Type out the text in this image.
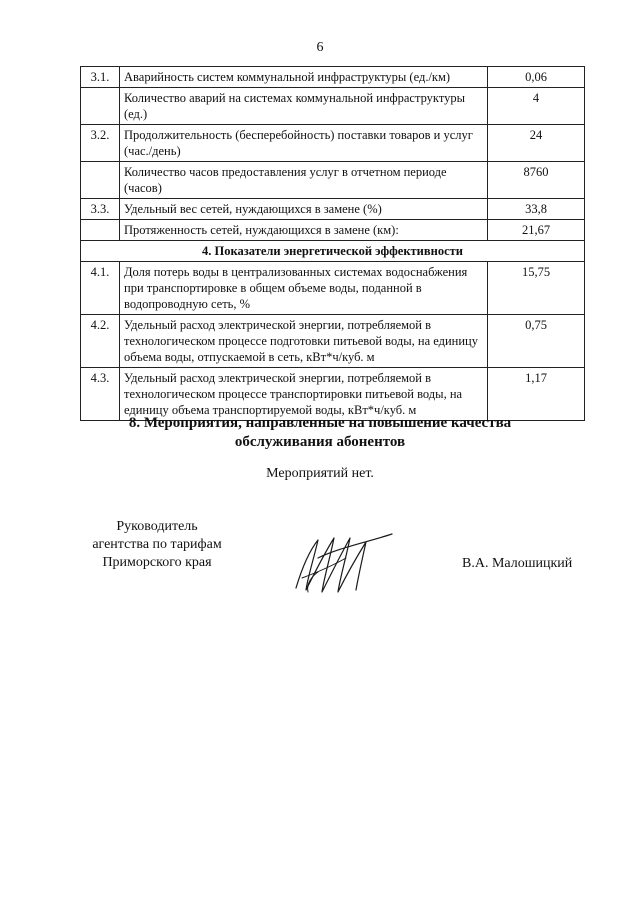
6
3.1.	Аварийность систем коммунальной инфраструктуры (ед./км)	0,06
	Количество аварий на системах коммунальной инфраструктуры (ед.)	4
3.2.	Продолжительность (бесперебойность) поставки товаров и услуг (час./день)	24
	Количество часов предоставления услуг в отчетном периоде (часов)	8760
3.3.	Удельный вес сетей, нуждающихся в замене (%)	33,8
	Протяженность сетей, нуждающихся в замене (км):	21,67
4. Показатели энергетической эффективности		
4.1.	Доля потерь воды в централизованных системах водоснабжения при транспортировке в общем объеме воды, поданной в водопроводную сеть, %	15,75
4.2.	Удельный расход электрической энергии, потребляемой в технологическом процессе подготовки питьевой воды, на единицу объема воды, отпускаемой в сеть, кВт*ч/куб. м	0,75
4.3.	Удельный расход электрической энергии, потребляемой в технологическом процессе транспортировки питьевой воды, на единицу объема транспортируемой воды, кВт*ч/куб. м	1,17
8. Мероприятия, направленные на повышение качества
обслуживания абонентов
Мероприятий нет.
Руководитель
агентства по тарифам
Приморского края	В.А. Малошицкий
